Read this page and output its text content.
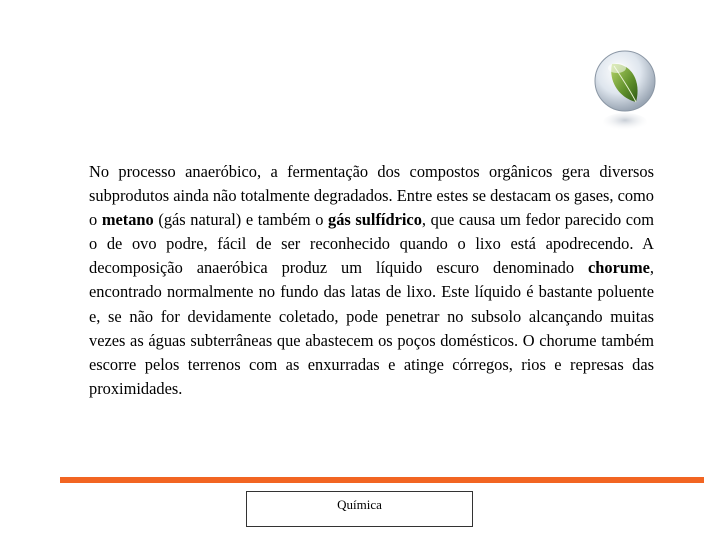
No processo anaeróbico, a fermentação dos compostos orgânicos gera diversos subprodutos ainda não totalmente degradados. Entre estes se destacam os gases, como o metano (gás natural) e também o gás sulfídrico, que causa um fedor parecido com o de ovo podre, fácil de ser reconhecido quando o lixo está apodrecendo. A decomposição anaeróbica produz um líquido escuro denominado chorume, encontrado normalmente no fundo das latas de lixo. Este líquido é bastante poluente e, se não for devidamente coletado, pode penetrar no subsolo alcançando muitas vezes as águas subterrâneas que abastecem os poços domésticos. O chorume também escorre pelos terrenos com as enxurradas e atinge córregos, rios e represas das proximidades.

Química
